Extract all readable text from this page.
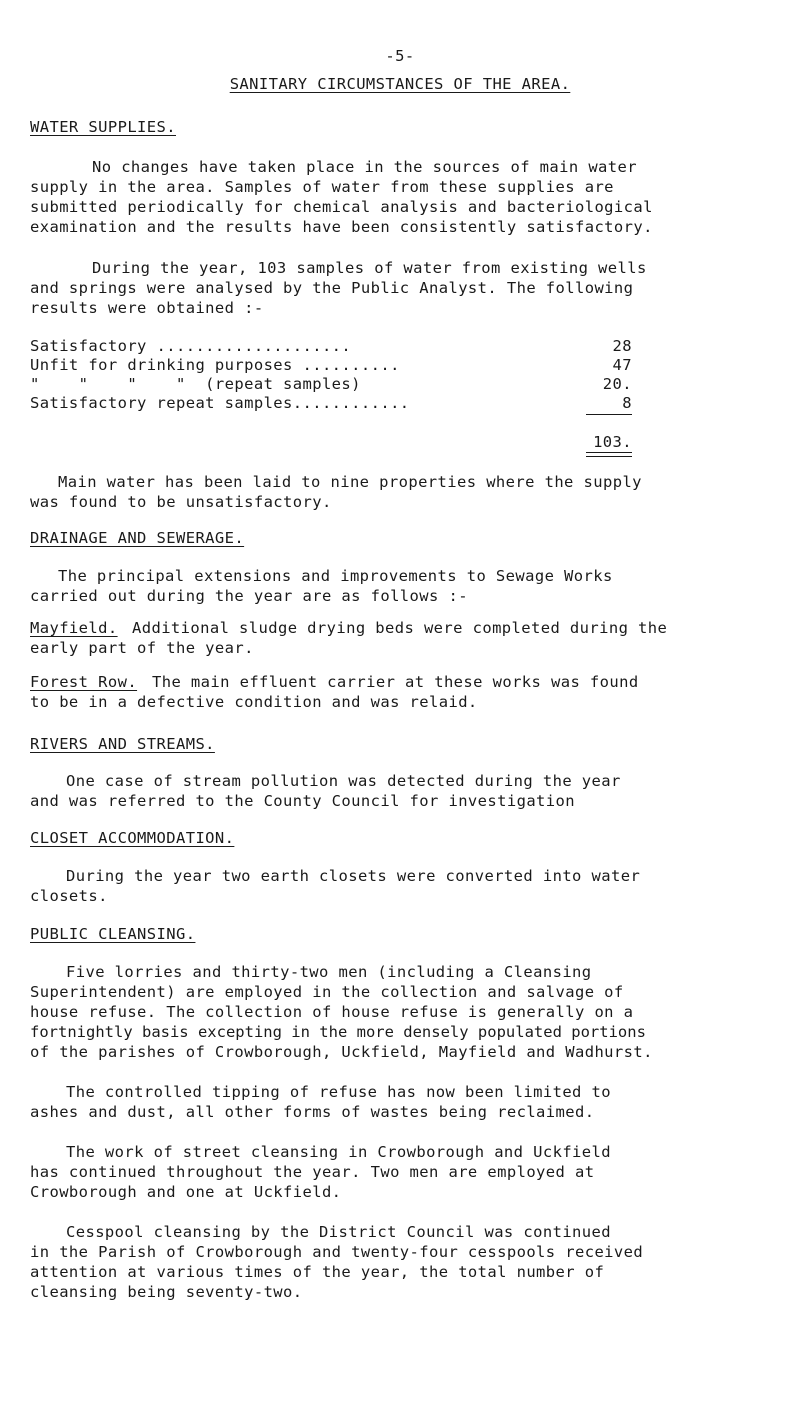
-5-
SANITARY CIRCUMSTANCES OF THE AREA.
WATER SUPPLIES.
No changes have taken place in the sources of main water
supply in the area. Samples of water from these supplies are
submitted periodically for chemical analysis and bacteriological
examination and the results have been consistently satisfactory.
During the year, 103 samples of water from existing wells
and springs were analysed by the Public Analyst. The following
results were obtained :-
Satisfactory ....................	28
Unfit for drinking purposes ..........	47
"    "    "    "  (repeat samples)	20.
Satisfactory repeat samples............	8
103.
Main water has been laid to nine properties where the supply
was found to be unsatisfactory.
DRAINAGE AND SEWERAGE.
The principal extensions and improvements to Sewage Works
carried out during the year are as follows :-
Mayfield. Additional sludge drying beds were completed during the
early part of the year.
Forest Row. The main effluent carrier at these works was found
to be in a defective condition and was relaid.
RIVERS AND STREAMS.
One case of stream pollution was detected during the year
and was referred to the County Council for investigation
CLOSET ACCOMMODATION.
During the year two earth closets were converted into water
closets.
PUBLIC CLEANSING.
Five lorries and thirty-two men (including a Cleansing
Superintendent) are employed in the collection and salvage of
house refuse. The collection of house refuse is generally on a
fortnightly basis excepting in the more densely populated portions
of the parishes of Crowborough, Uckfield, Mayfield and Wadhurst.
The controlled tipping of refuse has now been limited to
ashes and dust, all other forms of wastes being reclaimed.
The work of street cleansing in Crowborough and Uckfield
has continued throughout the year. Two men are employed at
Crowborough and one at Uckfield.
Cesspool cleansing by the District Council was continued
in the Parish of Crowborough and twenty-four cesspools received
attention at various times of the year, the total number of
cleansing being seventy-two.
